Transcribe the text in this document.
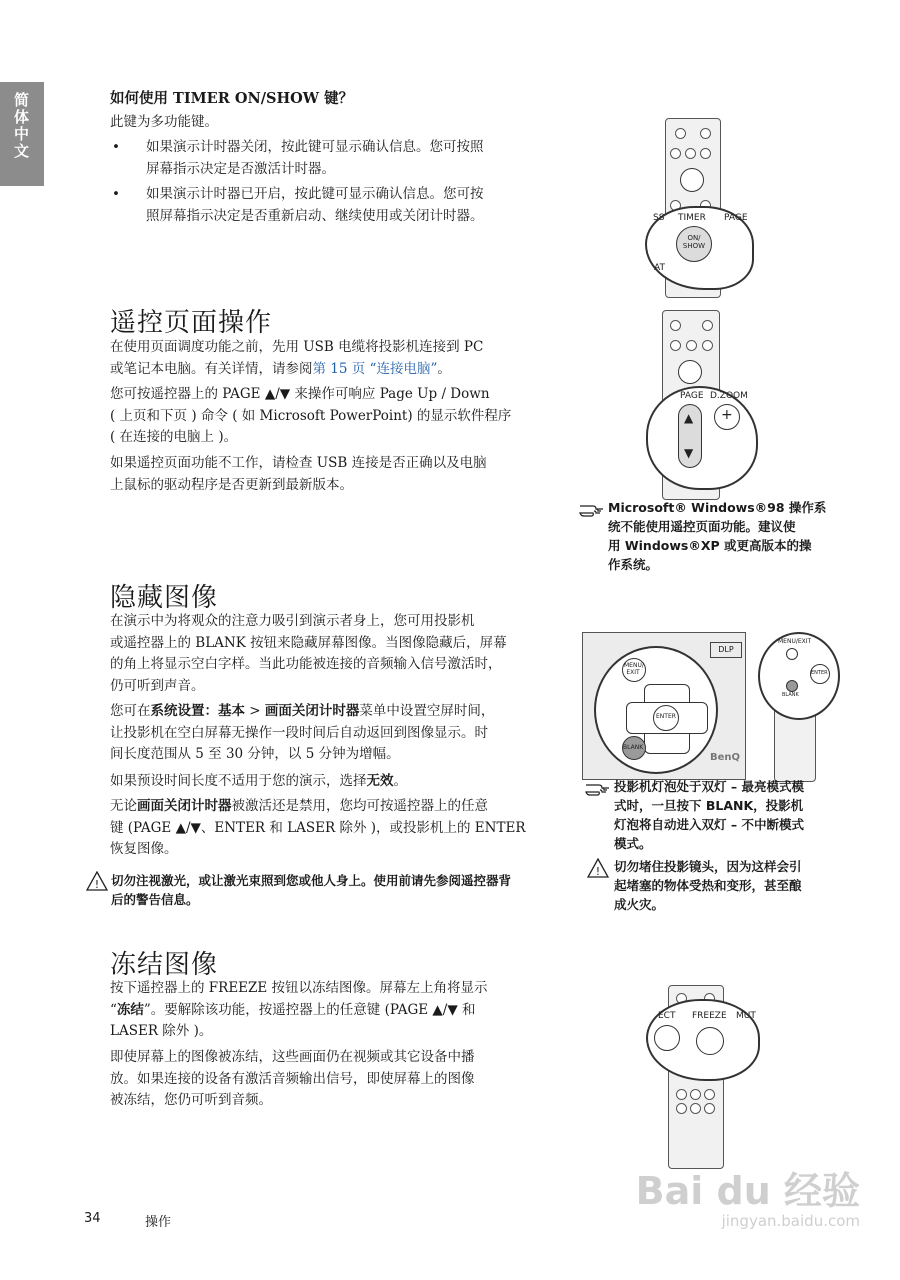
简体中文	如何使用 TIMER ON/SHOW 键？
此键为多功能键。
• 如果演示计时器关闭，按此键可显示确认信息。您可按照
屏幕指示决定是否激活计时器。
• 如果演示计时器已开启，按此键可显示确认信息。您可按
照屏幕指示决定是否重新启动、继续使用或关闭计时器。	SS TIMER PAGE
ON/
SHOW
AT
遥控页面操作
在使用页面调度功能之前，先用 USB 电缆将投影机连接到 PC
或笔记本电脑。有关详情，请参阅第 15 页 “连接电脑”。
您可按遥控器上的 PAGE ▲/▼ 来操作可响应 Page Up / Down
( 上页和下页 ) 命令 ( 如 Microsoft PowerPoint) 的显示软件程序
( 在连接的电脑上 )。
如果遥控页面功能不工作，请检查 USB 连接是否正确以及电脑
上鼠标的驱动程序是否更新到最新版本。
PAGE D.ZOOM
▲
▼
+
Microsoft® Windows®98 操作系
统不能使用遥控页面功能。建议使
用 Windows®XP 或更高版本的操
作系统。
隐藏图像
在演示中为将观众的注意力吸引到演示者身上，您可用投影机
或遥控器上的 BLANK 按钮来隐藏屏幕图像。当图像隐藏后，屏幕
的角上将显示空白字样。当此功能被连接的音频输入信号激活时，
仍可听到声音。
您可在系统设置：基本 > 画面关闭计时器菜单中设置空屏时间，
让投影机在空白屏幕无操作一段时间后自动返回到图像显示。时
间长度范围从 5 至 30 分钟，以 5 分钟为增幅。
如果预设时间长度不适用于您的演示，选择无效。
无论画面关闭计时器被激活还是禁用，您均可按遥控器上的任意
键 (PAGE ▲/▼、ENTER 和 LASER 除外 )，或投影机上的 ENTER
恢复图像。
! 切勿注视激光，或让激光束照到您或他人身上。使用前请先参阅遥控器背
后的警告信息。
DLP
BenQ
MENU/
EXIT
ENTER
BLANK
MENU/EXIT
ENTER
BLANK
投影机灯泡处于双灯 – 最亮模式模
式时，一旦按下 BLANK，投影机
灯泡将自动进入双灯 – 不中断模式
模式。
! 切勿堵住投影镜头，因为这样会引
起堵塞的物体受热和变形，甚至酿
成火灾。
冻结图像
按下遥控器上的 FREEZE 按钮以冻结图像。屏幕左上角将显示
“冻结”。要解除该功能，按遥控器上的任意键 (PAGE ▲/▼ 和
LASER 除外 )。
即使屏幕上的图像被冻结，这些画面仍在视频或其它设备中播
放。如果连接的设备有激活音频输出信号，即使屏幕上的图像
被冻结，您仍可听到音频。
ECT FREEZE MUT
34	操作
Bai du 经验
jingyan.baidu.com
